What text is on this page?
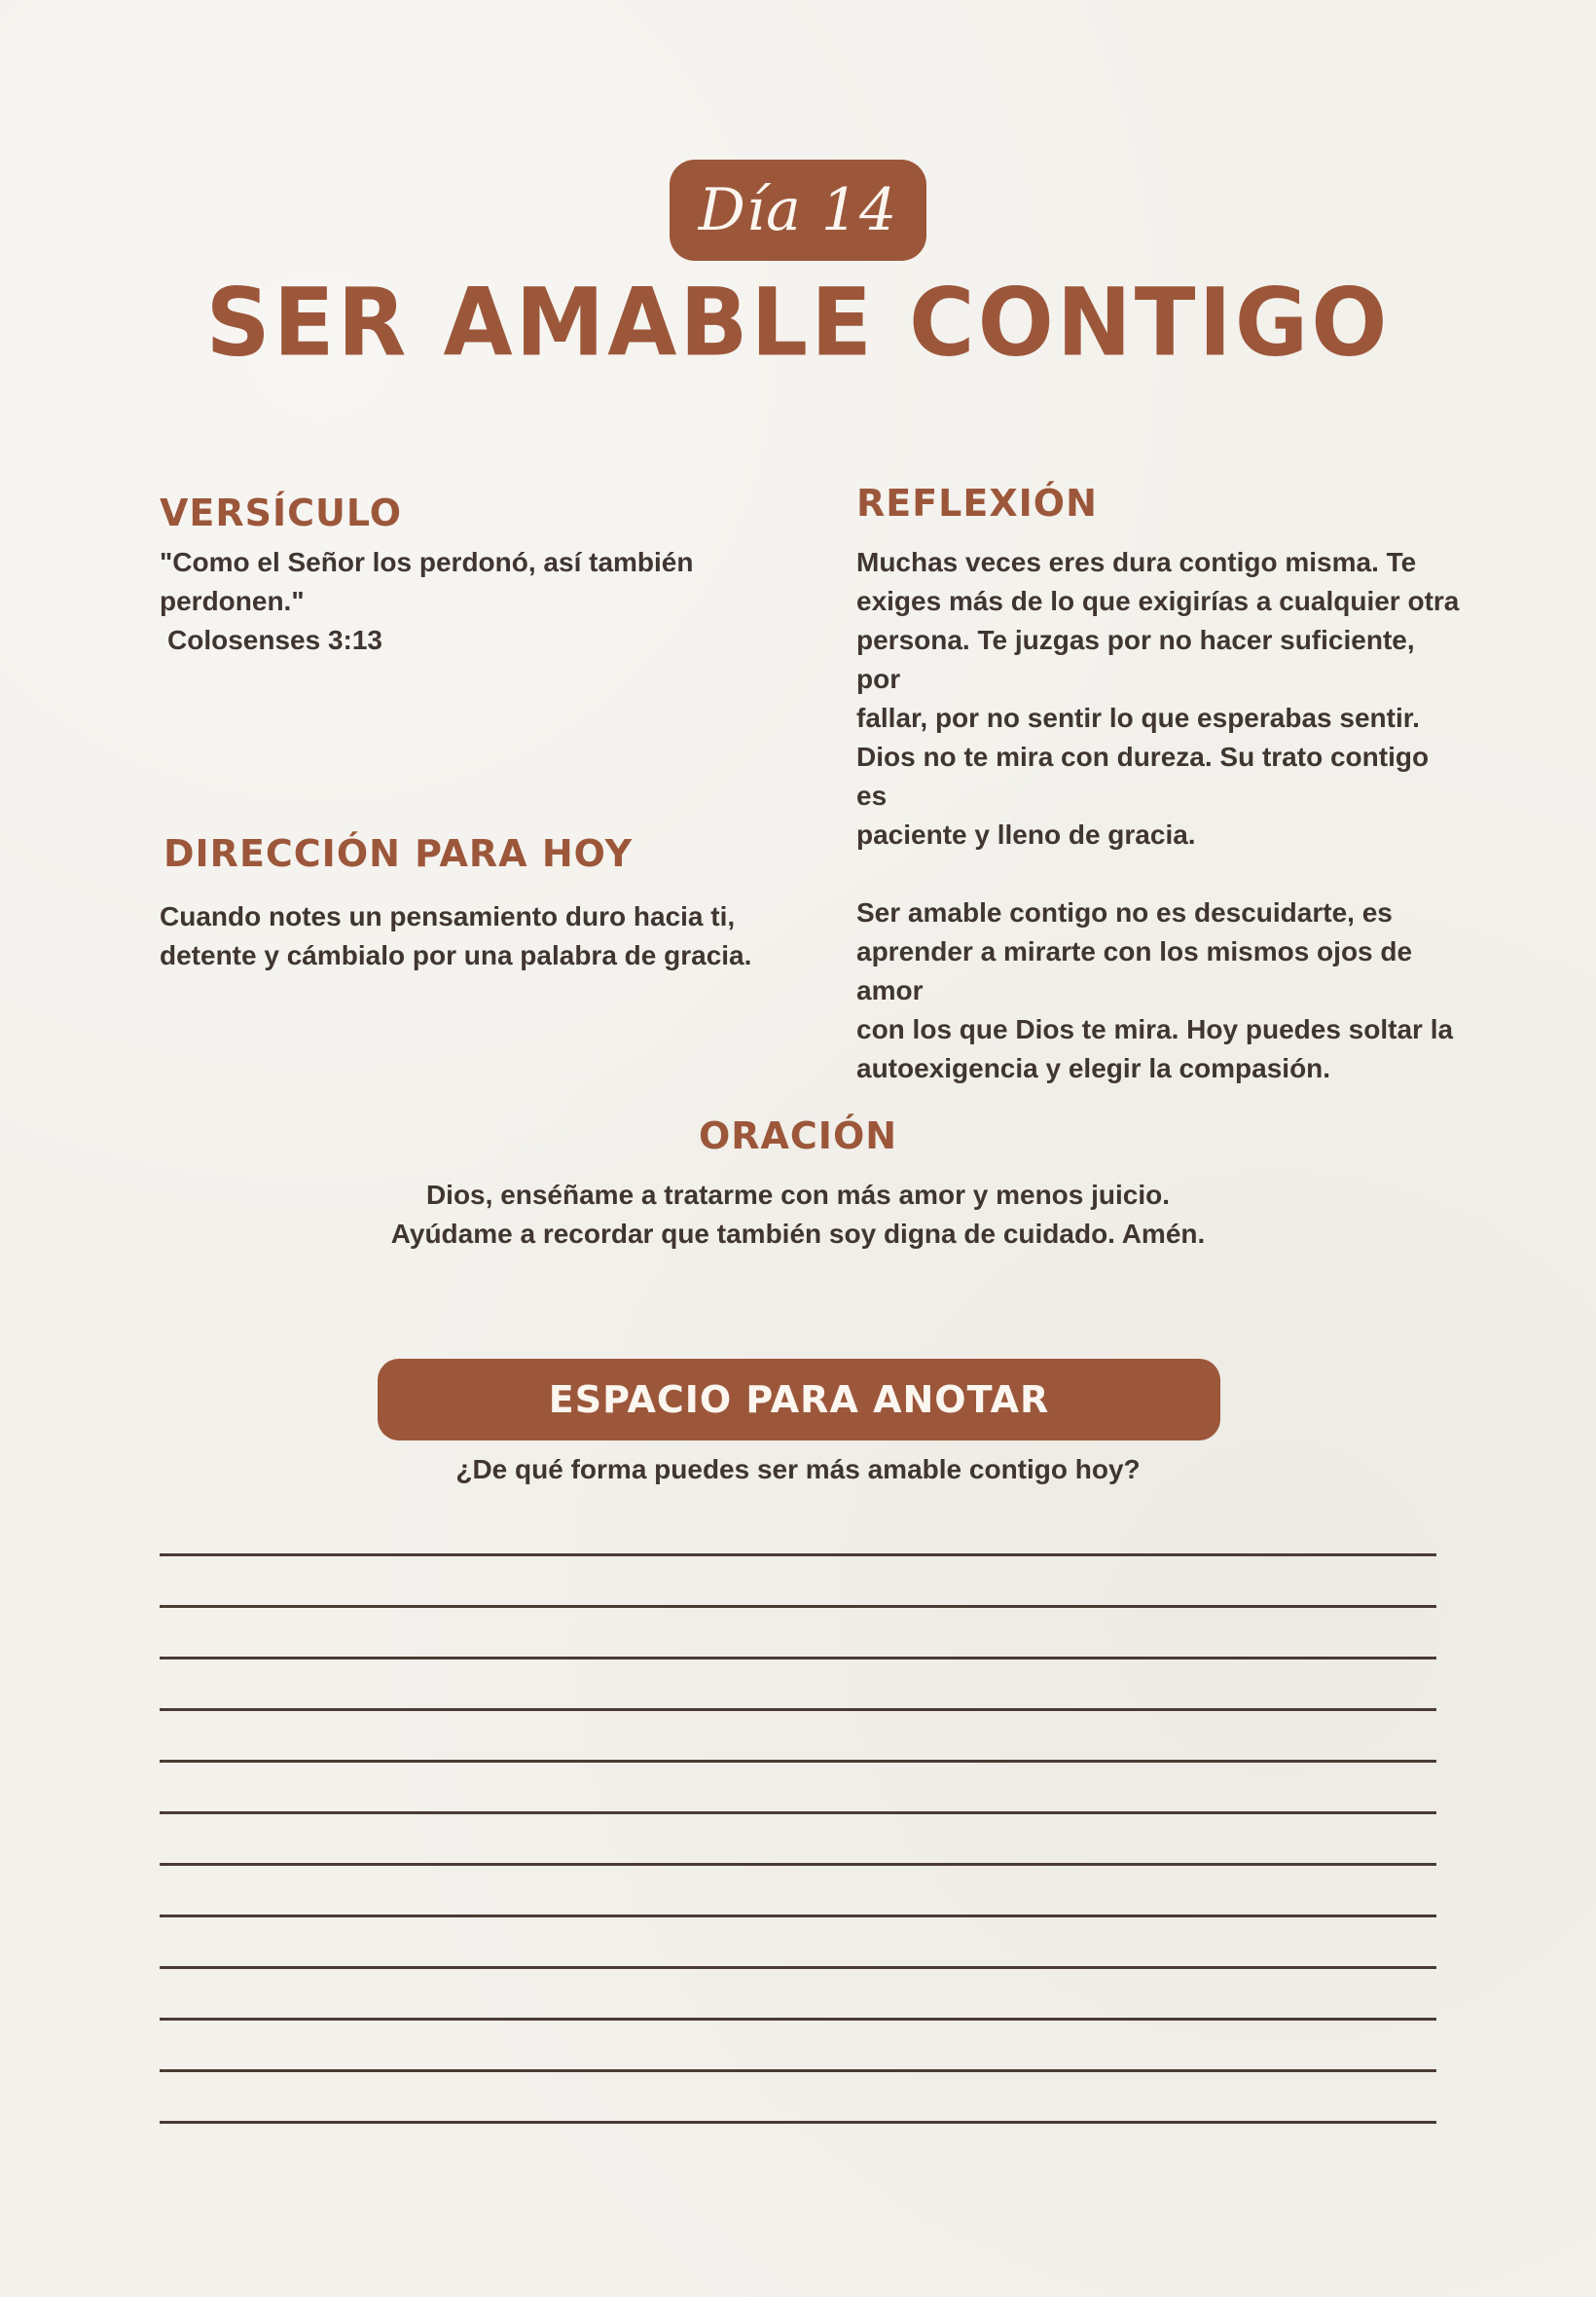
Día 14
SER AMABLE CONTIGO
VERSÍCULO

"Como el Señor los perdonó, así también

perdonen."

Colosenses 3:13

REFLEXIÓN

Muchas veces eres dura contigo misma. Te
exiges más de lo que exigirías a cualquier otra
persona. Te juzgas por no hacer suficiente, por
fallar, por no sentir lo que esperabas sentir.
Dios no te mira con dureza. Su trato contigo es
paciente y lleno de gracia.

Ser amable contigo no es descuidarte, es
aprender a mirarte con los mismos ojos de amor
con los que Dios te mira. Hoy puedes soltar la
autoexigencia y elegir la compasión.

DIRECCIÓN PARA HOY

Cuando notes un pensamiento duro hacia ti,

detente y cámbialo por una palabra de gracia.

ORACIÓN

Dios, enséñame a tratarme con más amor y menos juicio.

Ayúdame a recordar que también soy digna de cuidado. Amén.

ESPACIO PARA ANOTAR
¿De qué forma puedes ser más amable contigo hoy?
